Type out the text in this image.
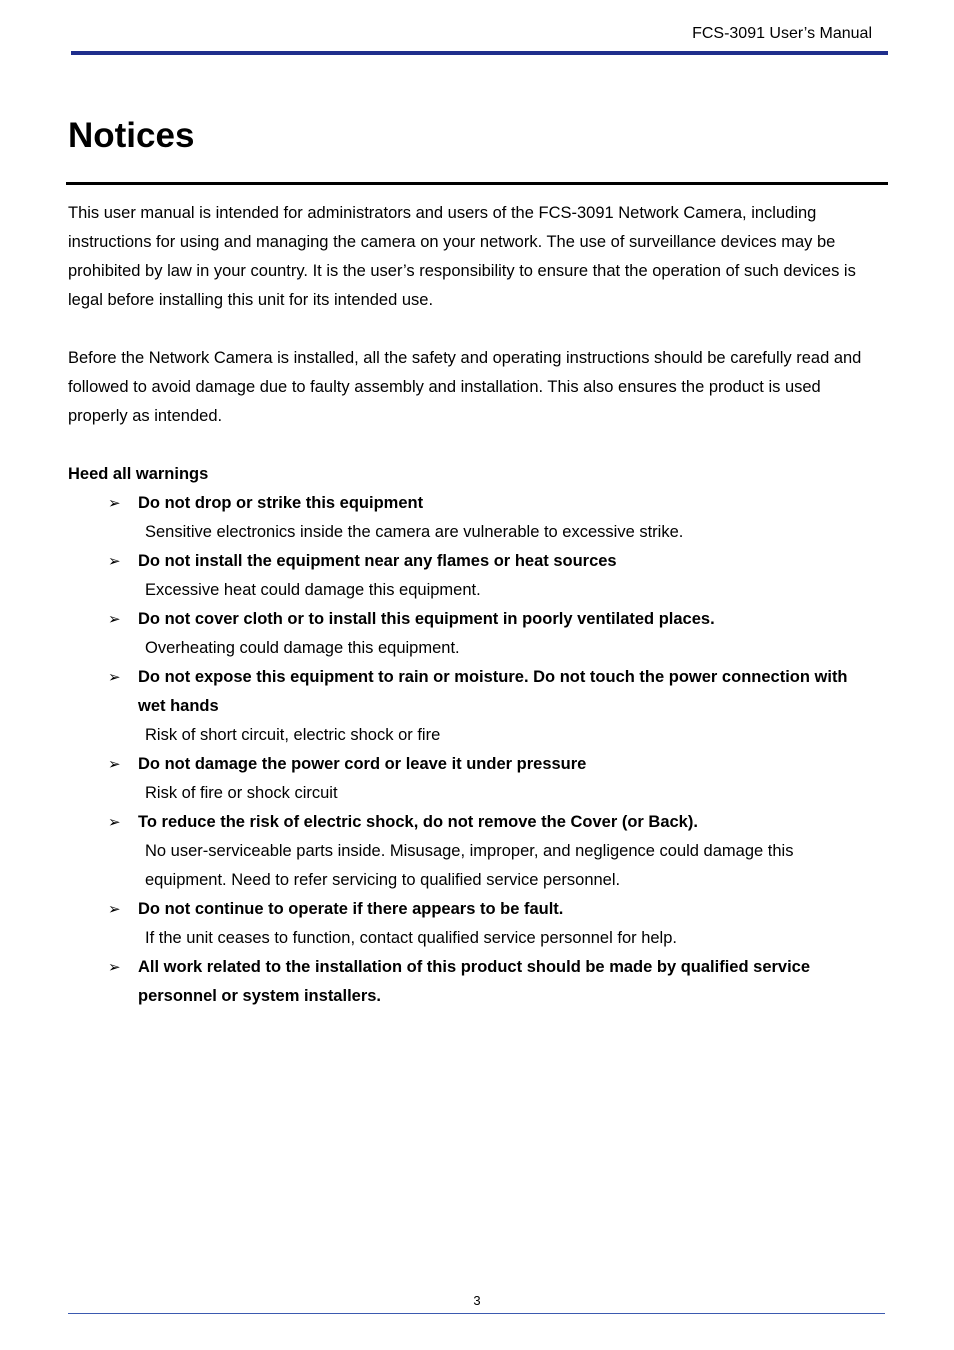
FCS-3091 User’s Manual
Notices

This user manual is intended for administrators and users of the FCS-3091 Network Camera, including instructions for using and managing the camera on your network. The use of surveillance devices may be prohibited by law in your country. It is the user’s responsibility to ensure that the operation of such devices is legal before installing this unit for its intended use.

Before the Network Camera is installed, all the safety and operating instructions should be carefully read and followed to avoid damage due to faulty assembly and installation. This also ensures the product is used properly as intended.

Heed all warnings

➢ Do not drop or strike this equipment
Sensitive electronics inside the camera are vulnerable to excessive strike.
➢ Do not install the equipment near any flames or heat sources
Excessive heat could damage this equipment.
➢ Do not cover cloth or to install this equipment in poorly ventilated places.
Overheating could damage this equipment.
➢ Do not expose this equipment to rain or moisture. Do not touch the power connection with wet hands
Risk of short circuit, electric shock or fire
➢ Do not damage the power cord or leave it under pressure
Risk of fire or shock circuit
➢ To reduce the risk of electric shock, do not remove the Cover (or Back).
No user-serviceable parts inside. Misusage, improper, and negligence could damage this equipment. Need to refer servicing to qualified service personnel.
➢ Do not continue to operate if there appears to be fault.
If the unit ceases to function, contact qualified service personnel for help.
➢ All work related to the installation of this product should be made by qualified service personnel or system installers.
3
